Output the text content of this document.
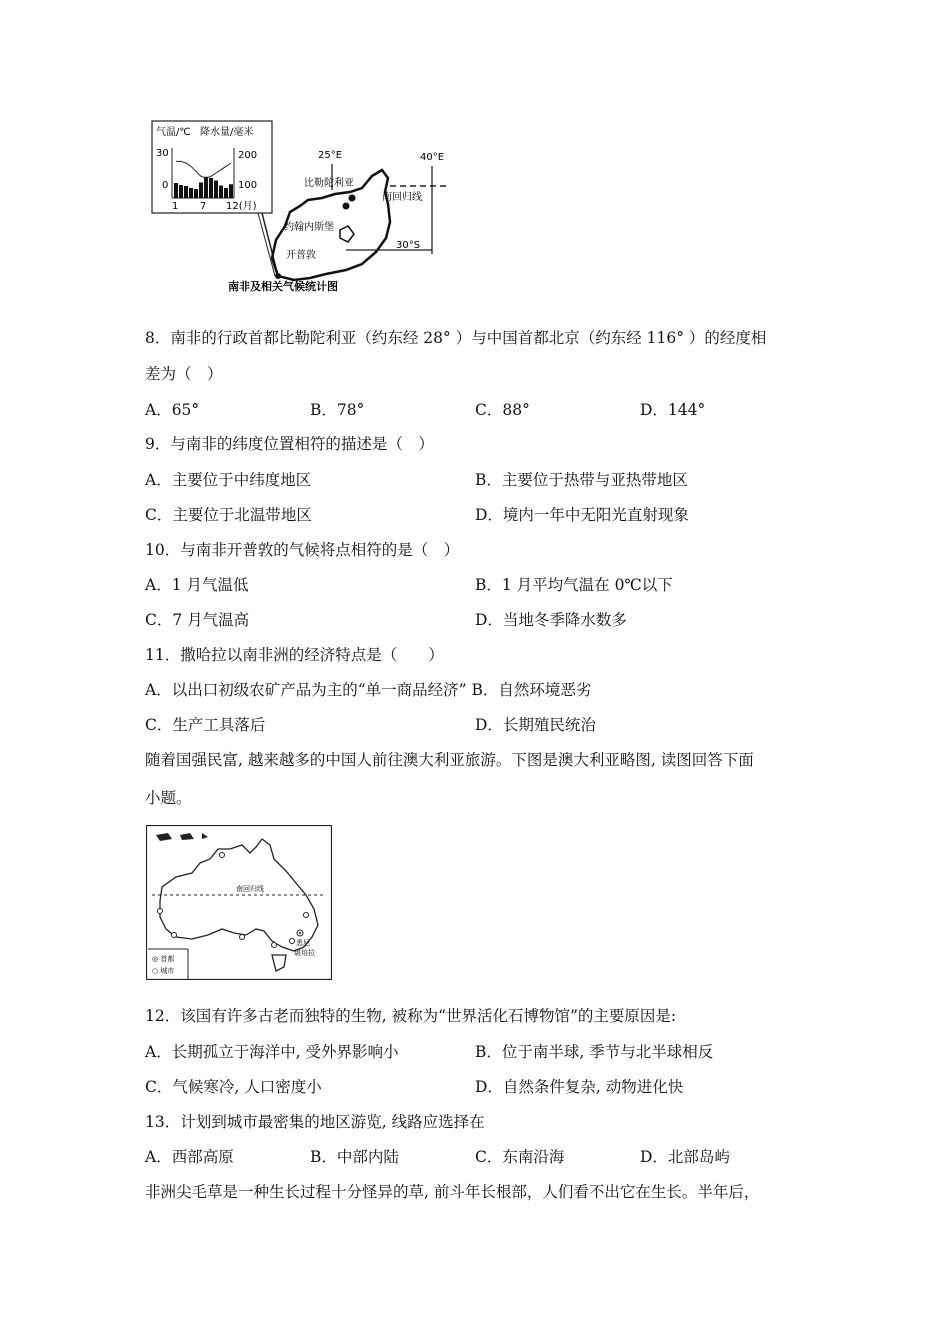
气温/℃ 降水量/毫米
30
0
200
100
1 7 12(月)
25°E	40°E
比勒陀利亚
南回归线
约翰内斯堡
开普敦
30°S
南非及相关气候统计图
8．南非的行政首都比勒陀利亚（约东经 28° ）与中国首都北京（约东经 116° ）的经度相
差为（　）
A．65°	B．78°	C．88°	D．144°
9．与南非的纬度位置相符的描述是（　）
A．主要位于中纬度地区	B．主要位于热带与亚热带地区
C．主要位于北温带地区	D．境内一年中无阳光直射现象
10．与南非开普敦的气候将点相符的是（　）
A．1 月气温低	B．1 月平均气温在 0℃以下
C．7 月气温高	D．当地冬季降水数多
11．撒哈拉以南非洲的经济特点是（　　）
A．以出口初级农矿产品为主的“单一商品经济” B．自然环境恶劣
C．生产工具落后	D．长期殖民统治
随着国强民富, 越来越多的中国人前往澳大利亚旅游。下图是澳大利亚略图, 读图回答下面
小题。
南回归线
悉尼
堪培拉
◎ 首都
○ 城市
12．该国有许多古老而独特的生物, 被称为“世界活化石博物馆”的主要原因是:
A．长期孤立于海洋中, 受外界影响小	B．位于南半球, 季节与北半球相反
C．气候寒冷, 人口密度小	D．自然条件复杂, 动物进化快
13．计划到城市最密集的地区游览, 线路应选择在
A．西部高原	B．中部内陆	C．东南沿海	D．北部岛屿
非洲尖毛草是一种生长过程十分怪异的草, 前斗年长根部，人们看不出它在生长。半年后，
